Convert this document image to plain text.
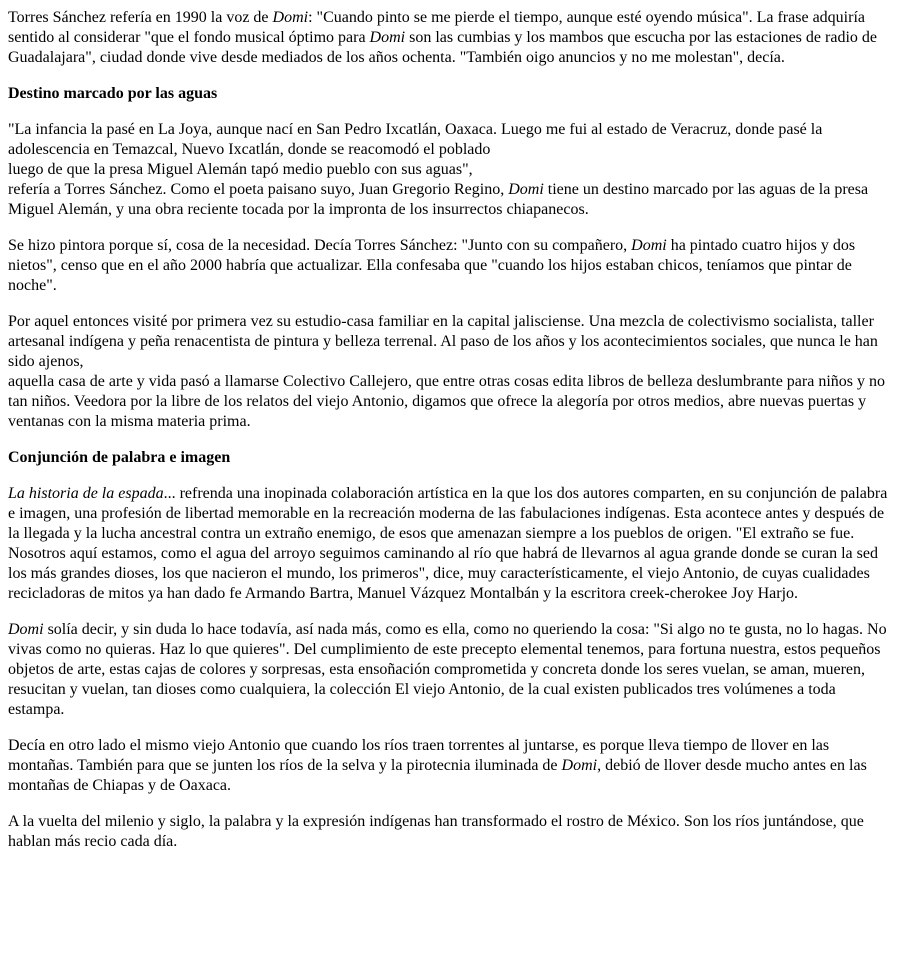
Torres Sánchez refería en 1990 la voz de Domi: "Cuando pinto se me pierde el tiempo, aunque esté oyendo música". La frase adquiría sentido al considerar "que el fondo musical óptimo para Domi son las cumbias y los mambos que escucha por las estaciones de radio de Guadalajara", ciudad donde vive desde mediados de los años ochenta. "También oigo anuncios y no me molestan", decía.

Destino marcado por las aguas

"La infancia la pasé en La Joya, aunque nací en San Pedro Ixcatlán, Oaxaca. Luego me fui al estado de Veracruz, donde pasé la adolescencia en Temazcal, Nuevo Ixcatlán, donde se reacomodó el poblado
luego de que la presa Miguel Alemán tapó medio pueblo con sus aguas",
refería a Torres Sánchez. Como el poeta paisano suyo, Juan Gregorio Regino, Domi tiene un destino marcado por las aguas de la presa Miguel Alemán, y una obra reciente tocada por la impronta de los insurrectos chiapanecos.

Se hizo pintora porque sí, cosa de la necesidad. Decía Torres Sánchez: "Junto con su compañero, Domi ha pintado cuatro hijos y dos nietos", censo que en el año 2000 habría que actualizar. Ella confesaba que "cuando los hijos estaban chicos, teníamos que pintar de noche".

Por aquel entonces visité por primera vez su estudio-casa familiar en la capital jalisciense. Una mezcla de colectivismo socialista, taller artesanal indígena y peña renacentista de pintura y belleza terrenal. Al paso de los años y los acontecimientos sociales, que nunca le han sido ajenos,
aquella casa de arte y vida pasó a llamarse Colectivo Callejero, que entre otras cosas edita libros de belleza deslumbrante para niños y no tan niños. Veedora por la libre de los relatos del viejo Antonio, digamos que ofrece la alegoría por otros medios, abre nuevas puertas y ventanas con la misma materia prima.

Conjunción de palabra e imagen

La historia de la espada... refrenda una inopinada colaboración artística en la que los dos autores comparten, en su conjunción de palabra e imagen, una profesión de libertad memorable en la recreación moderna de las fabulaciones indígenas. Esta acontece antes y después de la llegada y la lucha ancestral contra un extraño enemigo, de esos que amenazan siempre a los pueblos de origen. "El extraño se fue. Nosotros aquí estamos, como el agua del arroyo seguimos caminando al río que habrá de llevarnos al agua grande donde se curan la sed los más grandes dioses, los que nacieron el mundo, los primeros", dice, muy característicamente, el viejo Antonio, de cuyas cualidades recicladoras de mitos ya han dado fe Armando Bartra, Manuel Vázquez Montalbán y la escritora creek-cherokee Joy Harjo.

Domi solía decir, y sin duda lo hace todavía, así nada más, como es ella, como no queriendo la cosa: "Si algo no te gusta, no lo hagas. No vivas como no quieras. Haz lo que quieres". Del cumplimiento de este precepto elemental tenemos, para fortuna nuestra, estos pequeños objetos de arte, estas cajas de colores y sorpresas, esta ensoñación comprometida y concreta donde los seres vuelan, se aman, mueren, resucitan y vuelan, tan dioses como cualquiera, la colección El viejo Antonio, de la cual existen publicados tres volúmenes a toda estampa.

Decía en otro lado el mismo viejo Antonio que cuando los ríos traen torrentes al juntarse, es porque lleva tiempo de llover en las montañas. También para que se junten los ríos de la selva y la pirotecnia iluminada de Domi, debió de llover desde mucho antes en las montañas de Chiapas y de Oaxaca.

A la vuelta del milenio y siglo, la palabra y la expresión indígenas han transformado el rostro de México. Son los ríos juntándose, que hablan más recio cada día.
